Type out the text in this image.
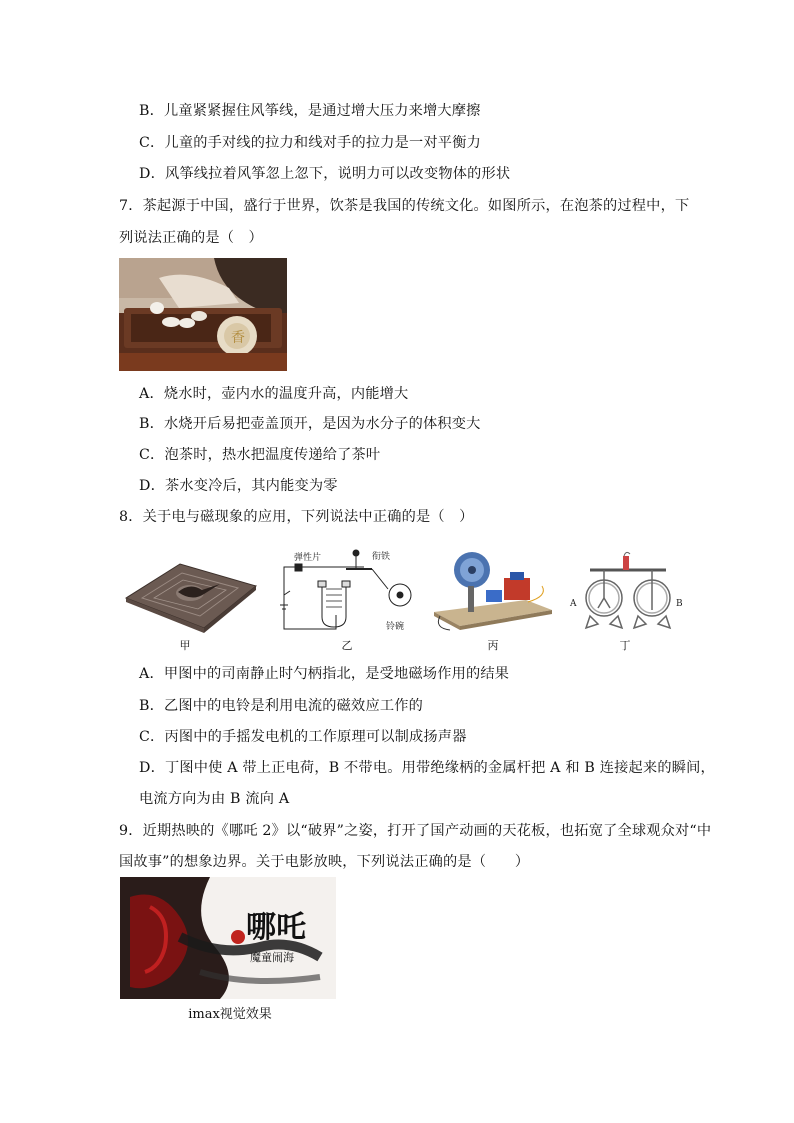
B．儿童紧紧握住风筝线，是通过增大压力来增大摩擦
C．儿童的手对线的拉力和线对手的拉力是一对平衡力
D．风筝线拉着风筝忽上忽下，说明力可以改变物体的形状
7．茶起源于中国，盛行于世界，饮茶是我国的传统文化。如图所示，在泡茶的过程中，下
列说法正确的是（　）
香
A．烧水时，壶内水的温度升高，内能增大
B．水烧开后易把壶盖顶开，是因为水分子的体积变大
C．泡茶时，热水把温度传递给了茶叶
D．茶水变冷后，其内能变为零
8．关于电与磁现象的应用，下列说法中正确的是（　）
甲
弹性片	衔铁
铃碗
乙	丙
A	B
丁
A．甲图中的司南静止时勺柄指北，是受地磁场作用的结果
B．乙图中的电铃是利用电流的磁效应工作的
C．丙图中的手摇发电机的工作原理可以制成扬声器
D．丁图中使 A 带上正电荷，B 不带电。用带绝缘柄的金属杆把 A 和 B 连接起来的瞬间，
电流方向为由 B 流向 A
9．近期热映的《哪吒 2》以“破界”之姿，打开了国产动画的天花板，也拓宽了全球观众对“中
国故事”的想象边界。关于电影放映，下列说法正确的是（　　）
哪吒
魔童闹海
imax视觉效果
